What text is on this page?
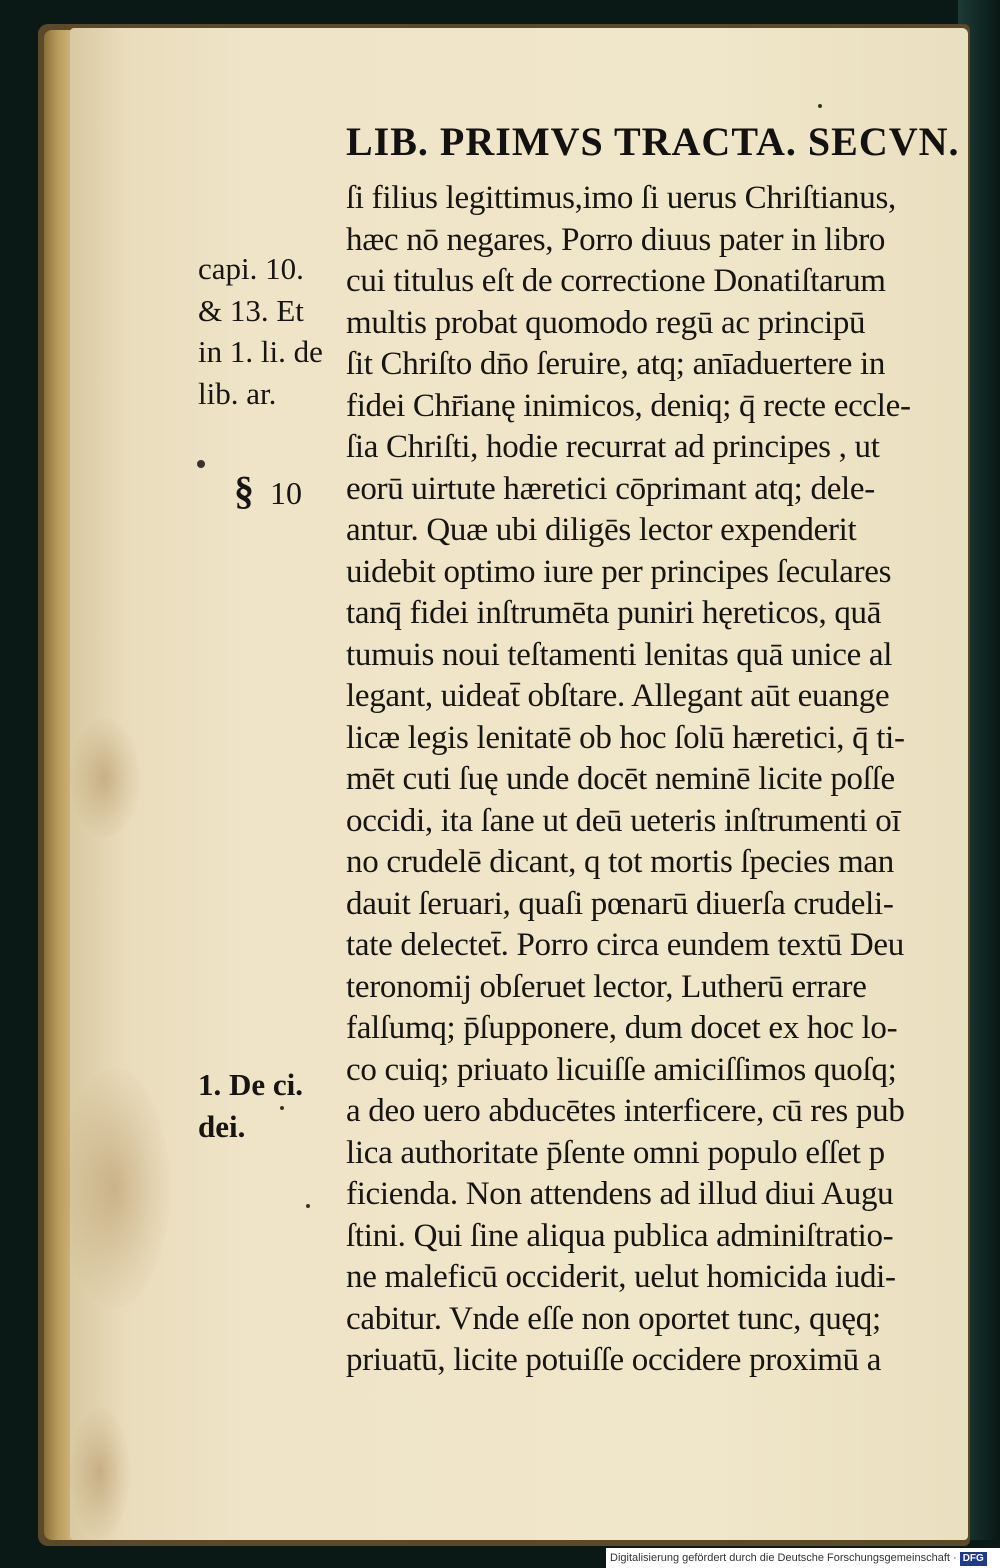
LIB. PRIMVS TRACTA. SECVN.
capi. 10.
& 13. Et
in 1. li. de
lib. ar.
§ 10
1. De ci.
dei.
ſi filius legittimus,imo ſi uerus Chriſtianus,
hæc nō negares, Porro diuus pater in libro
cui titulus eſt de correctione Donatiſtarum
multis probat quomodo regū ac principū
ſit Chriſto dn̄o ſeruire, atq; anīaduertere in
fidei Chr̄ianę inimicos, deniq; q̄ recte eccle-
ſia Chriſti, hodie recurrat ad principes , ut
eorū uirtute hæretici cōprimant atq; dele-
antur. Quæ ubi diligēs lector expenderit
uidebit optimo iure per principes ſeculares
tanq̄ fidei inſtrumēta puniri hęreticos, quā
tumuis noui teſtamenti lenitas quā unice al
legant, uideat̄ obſtare. Allegant aūt euange
licæ legis lenitatē ob hoc ſolū hæretici, q̄ ti-
mēt cuti ſuę unde docēt neminē licite poſſe
occidi, ita ſane ut deū ueteris inſtrumenti oī
no crudelē dicant, q tot mortis ſpecies man
dauit ſeruari, quaſi pœnarū diuerſa crudeli-
tate delectet̄. Porro circa eundem textū Deu
teronomij obſeruet lector, Lutherū errare
falſumq; p̄ſupponere, dum docet ex hoc lo-
co cuiq; priuato licuiſſe amiciſſimos quoſq;
a deo uero abducētes interficere, cū res pub
lica authoritate p̄ſente omni populo eſſet p
ficienda. Non attendens ad illud diui Augu
ſtini. Qui ſine aliqua publica adminiſtratio-
ne maleficū occiderit, uelut homicida iudi-
cabitur. Vnde eſſe non oportet tunc, quęq;
priuatū, licite potuiſſe occidere proximū a
Digitalisierung gefördert durch die Deutsche Forschungsgemeinschaft · DFG
